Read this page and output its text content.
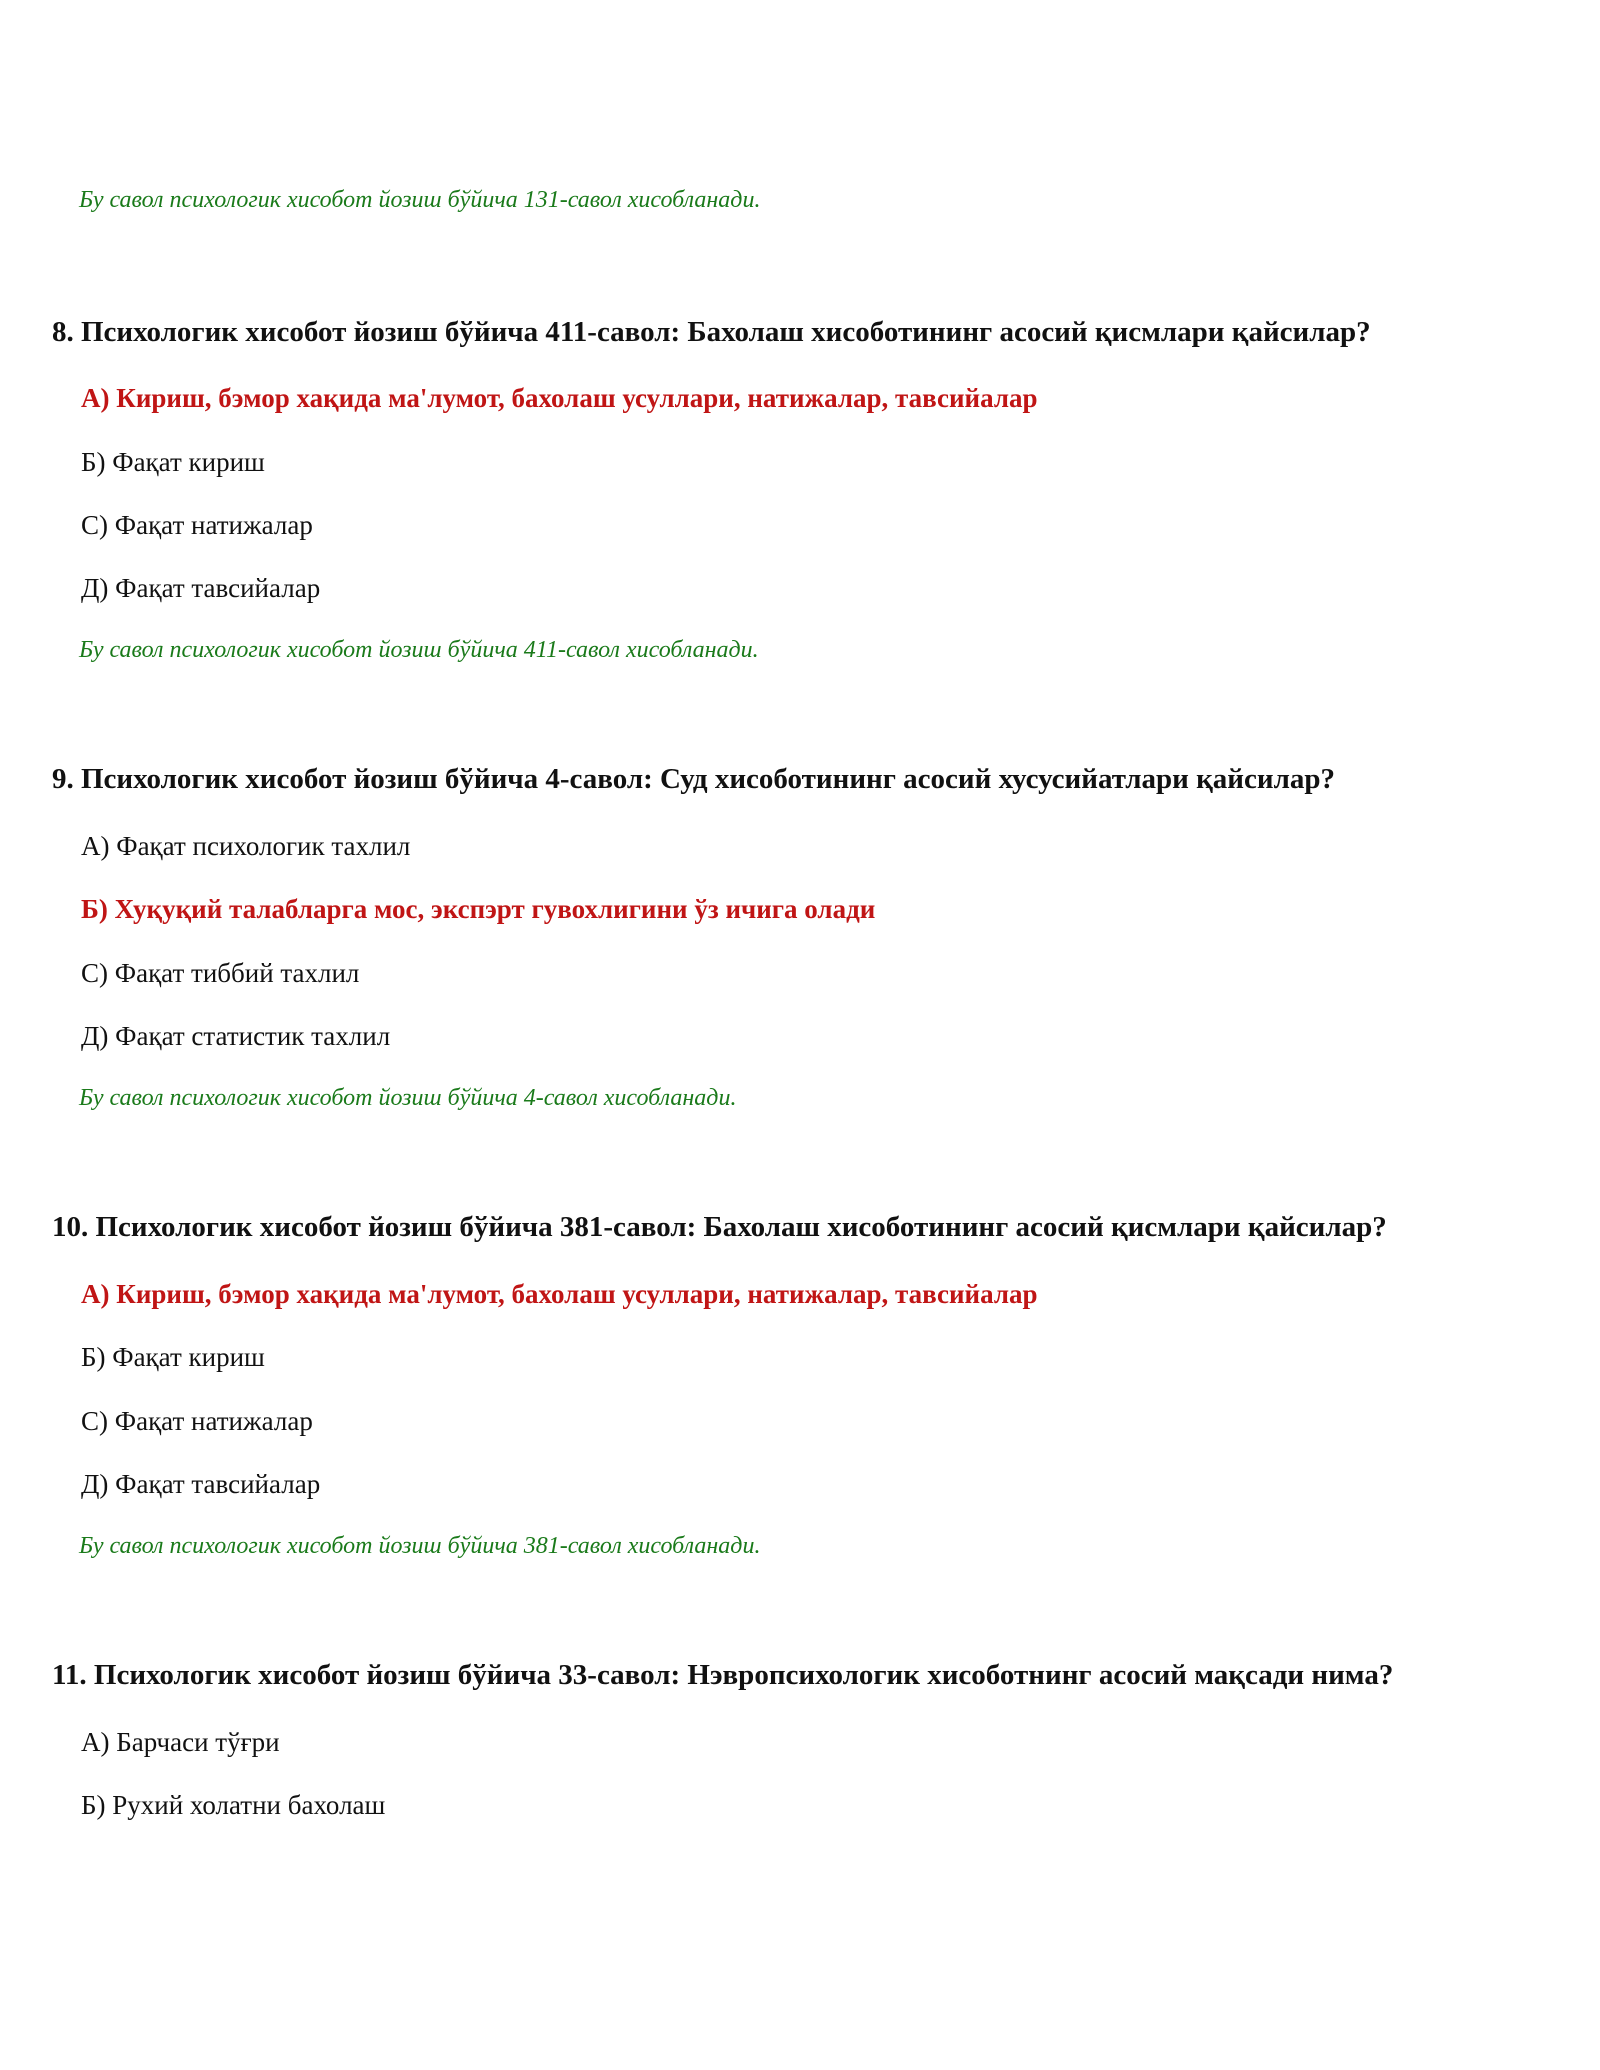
Бу савол психологик хисобот йозиш бўйича 131-савол хисобланади.
8. Психологик хисобот йозиш бўйича 411-савол: Бахолаш хисоботининг асосий қисмлари қайсилар?
A) Кириш, бэмор хақида ма'лумот, бахолаш усуллари, натижалар, тавсийалар
Б) Фақат кириш
C) Фақат натижалар
Д) Фақат тавсийалар
Бу савол психологик хисобот йозиш бўйича 411-савол хисобланади.
9. Психологик хисобот йозиш бўйича 4-савол: Суд хисоботининг асосий хусусийатлари қайсилар?
A) Фақат психологик тахлил
Б) Хуқуқий талабларга мос, экспэрт гувохлигини ўз ичига олади
C) Фақат тиббий тахлил
Д) Фақат статистик тахлил
Бу савол психологик хисобот йозиш бўйича 4-савол хисобланади.
10. Психологик хисобот йозиш бўйича 381-савол: Бахолаш хисоботининг асосий қисмлари қайсилар?
A) Кириш, бэмор хақида ма'лумот, бахолаш усуллари, натижалар, тавсийалар
Б) Фақат кириш
C) Фақат натижалар
Д) Фақат тавсийалар
Бу савол психологик хисобот йозиш бўйича 381-савол хисобланади.
11. Психологик хисобот йозиш бўйича 33-савол: Нэвропсихологик хисоботнинг асосий мақсади нима?
A) Барчаси тўғри
Б) Рухий холатни бахолаш
